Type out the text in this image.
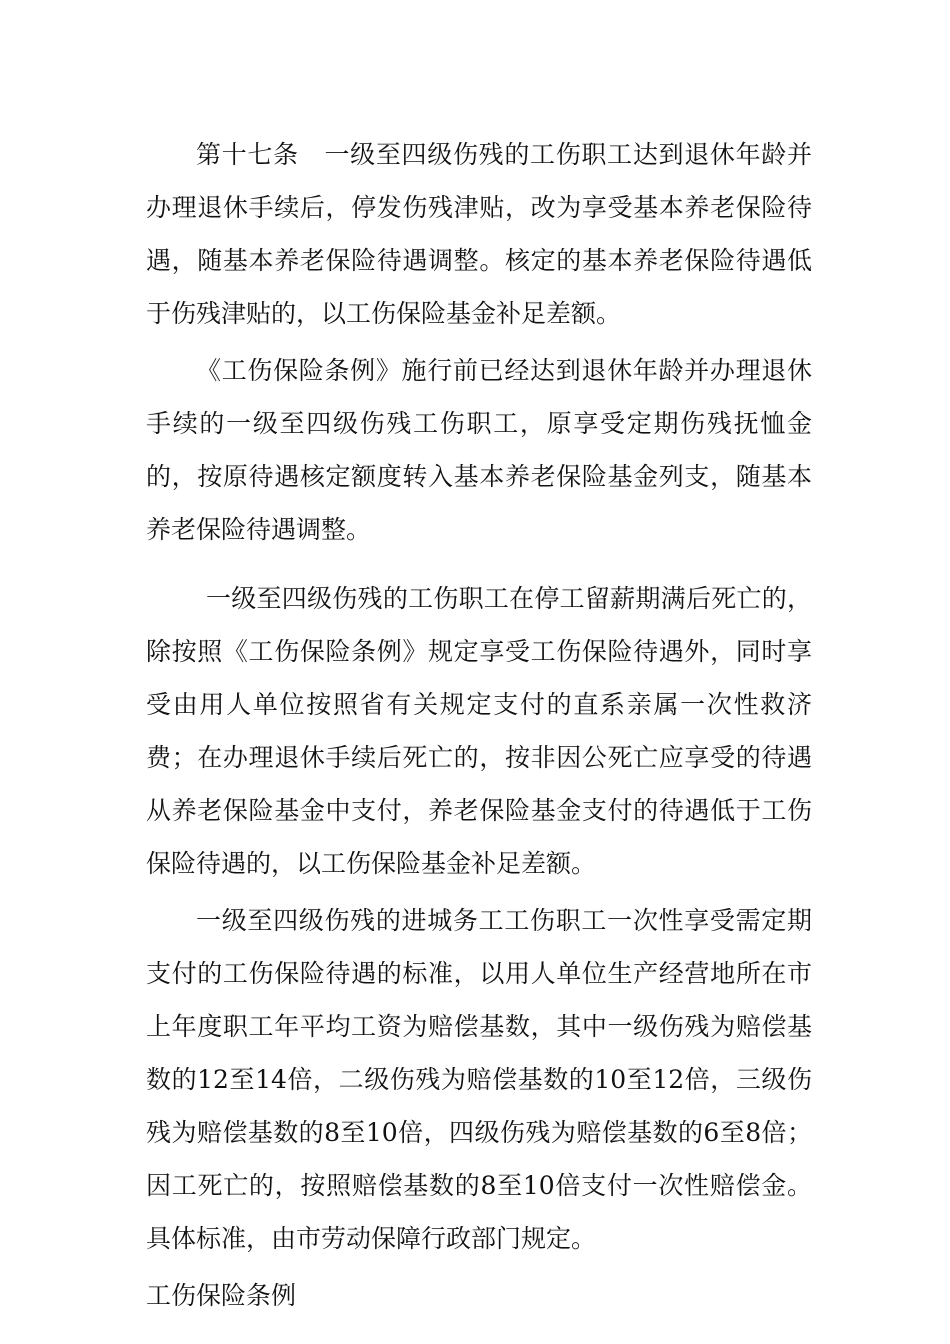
第十七条　一级至四级伤残的工伤职工达到退休年龄并办理退休手续后，停发伤残津贴，改为享受基本养老保险待遇，随基本养老保险待遇调整。核定的基本养老保险待遇低于伤残津贴的，以工伤保险基金补足差额。

《工伤保险条例》施行前已经达到退休年龄并办理退休手续的一级至四级伤残工伤职工，原享受定期伤残抚恤金的，按原待遇核定额度转入基本养老保险基金列支，随基本养老保险待遇调整。

一级至四级伤残的工伤职工在停工留薪期满后死亡的，除按照《工伤保险条例》规定享受工伤保险待遇外，同时享受由用人单位按照省有关规定支付的直系亲属一次性救济费；在办理退休手续后死亡的，按非因公死亡应享受的待遇从养老保险基金中支付，养老保险基金支付的待遇低于工伤保险待遇的，以工伤保险基金补足差额。

一级至四级伤残的进城务工工伤职工一次性享受需定期支付的工伤保险待遇的标准，以用人单位生产经营地所在市上年度职工年平均工资为赔偿基数，其中一级伤残为赔偿基数的12至14倍，二级伤残为赔偿基数的10至12倍，三级伤残为赔偿基数的8至10倍，四级伤残为赔偿基数的6至8倍；因工死亡的，按照赔偿基数的8至10倍支付一次性赔偿金。具体标准，由市劳动保障行政部门规定。

工伤保险条例
